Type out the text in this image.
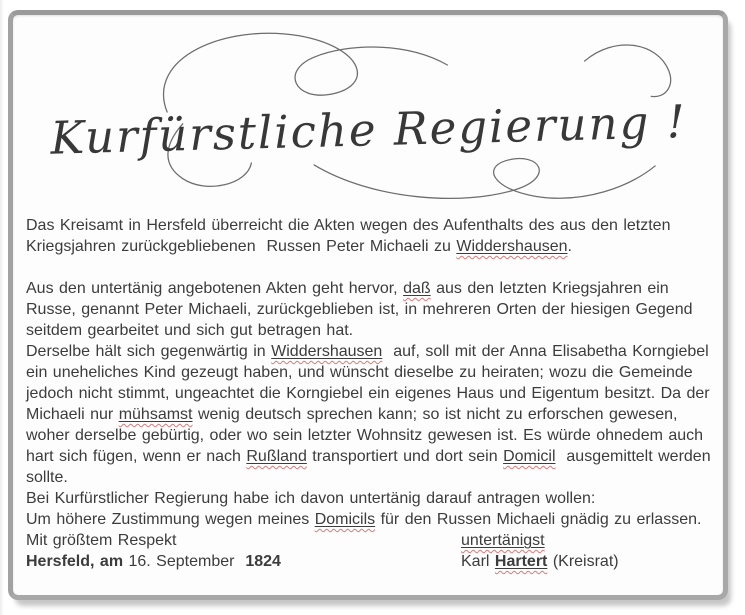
Kurfürstliche Regierung !

Das Kreisamt in Hersfeld überreicht die Akten wegen des Aufenthalts des aus den letzten Kriegsjahren zurückgebliebenen  Russen Peter Michaeli zu Widdershausen.

Aus den untertänig angebotenen Akten geht hervor, daß aus den letzten Kriegsjahren ein Russe, genannt Peter Michaeli, zurückgeblieben ist, in mehreren Orten der hiesigen Gegend seitdem gearbeitet und sich gut betragen hat.

Derselbe hält sich gegenwärtig in Widdershausen  auf, soll mit der Anna Elisabetha Korngiebel ein uneheliches Kind gezeugt haben, und wünscht dieselbe zu heiraten; wozu die Gemeinde jedoch nicht stimmt, ungeachtet die Korngiebel ein eigenes Haus und Eigentum besitzt. Da der Michaeli nur mühsamst wenig deutsch sprechen kann; so ist nicht zu erforschen gewesen, woher derselbe gebürtig, oder wo sein letzter Wohnsitz gewesen ist. Es würde ohnedem auch hart sich fügen, wenn er nach Rußland transportiert und dort sein Domicil  ausgemittelt werden sollte.

Bei Kurfürstlicher Regierung habe ich davon untertänig darauf antragen wollen:

Um höhere Zustimmung wegen meines Domicils für den Russen Michaeli gnädig zu erlassen.

Mit größtem Respekt	untertänigst
Hersfeld, am 16. September  1824	Karl Hartert (Kreisrat)
